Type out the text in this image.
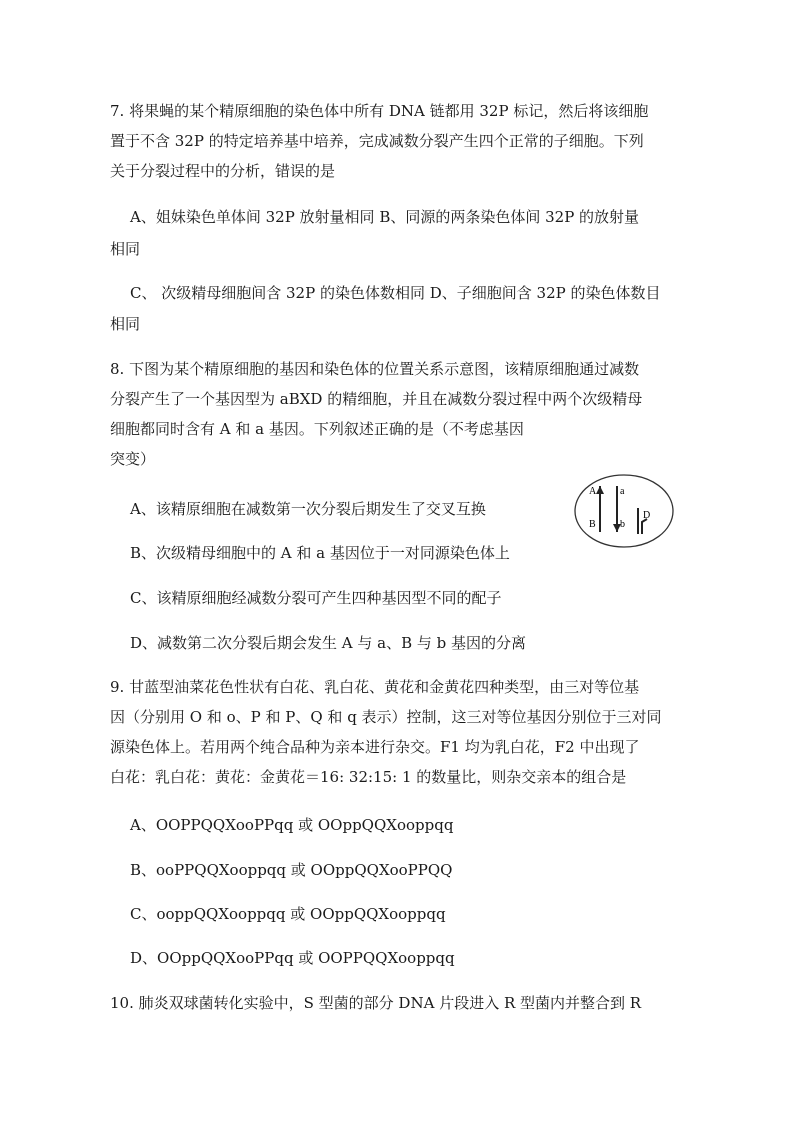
7. 将果蝇的某个精原细胞的染色体中所有 DNA 链都用 32P 标记，然后将该细胞

置于不含 32P 的特定培养基中培养，完成减数分裂产生四个正常的子细胞。下列

关于分裂过程中的分析，错误的是

A、姐妹染色单体间 32P 放射量相同 B、同源的两条染色体间 32P 的放射量

相同

C、 次级精母细胞间含 32P 的染色体数相同 D、子细胞间含 32P 的染色体数目

相同

8. 下图为某个精原细胞的基因和染色体的位置关系示意图，该精原细胞通过减数

分裂产生了一个基因型为 aBXD 的精细胞，并且在减数分裂过程中两个次级精母

细胞都同时含有 A 和 a 基因。下列叙述正确的是（不考虑基因

突变）

A a
B b
D

A、该精原细胞在减数第一次分裂后期发生了交叉互换

B、次级精母细胞中的 A 和 a 基因位于一对同源染色体上

C、该精原细胞经减数分裂可产生四种基因型不同的配子

D、减数第二次分裂后期会发生 A 与 a、B 与 b 基因的分离

9. 甘蓝型油菜花色性状有白花、乳白花、黄花和金黄花四种类型，由三对等位基

因（分别用 O 和 o、P 和 P、Q 和 q 表示）控制，这三对等位基因分别位于三对同

源染色体上。若用两个纯合品种为亲本进行杂交。F1 均为乳白花，F2 中出现了

白花：乳白花：黄花：金黄花＝16: 32:15: 1 的数量比，则杂交亲本的组合是

A、OOPPQQXooPPqq 或 OOppQQXooppqq

B、ooPPQQXooppqq 或 OOppQQXooPPQQ

C、ooppQQXooppqq 或 OOppQQXooppqq

D、OOppQQXooPPqq 或 OOPPQQXooppqq

10. 肺炎双球菌转化实验中，S 型菌的部分 DNA 片段进入 R 型菌内并整合到 R
